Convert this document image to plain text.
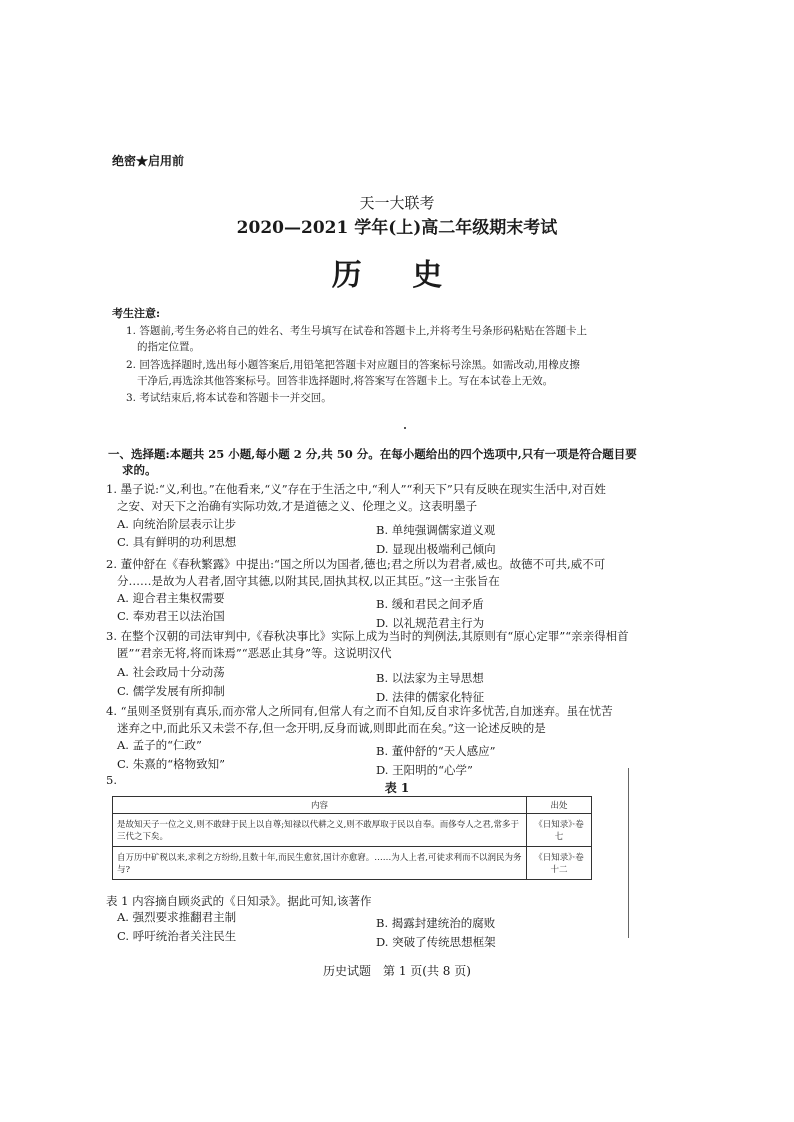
绝密★启用前
天一大联考
2020—2021 学年(上)高二年级期末考试
历 史
考生注意:
1. 答题前,考生务必将自己的姓名、考生号填写在试卷和答题卡上,并将考生号条形码粘贴在答题卡上
的指定位置。
2. 回答选择题时,选出每小题答案后,用铅笔把答题卡对应题目的答案标号涂黑。如需改动,用橡皮擦
干净后,再选涂其他答案标号。回答非选择题时,将答案写在答题卡上。写在本试卷上无效。
3. 考试结束后,将本试卷和答题卡一并交回。
一、选择题:本题共 25 小题,每小题 2 分,共 50 分。在每小题给出的四个选项中,只有一项是符合题目要
求的。
1. 墨子说:“义,利也。”在他看来,“义”存在于生活之中,“利人”“利天下”只有反映在现实生活中,对百姓
之安、对天下之治确有实际功效,才是道德之义、伦理之义。这表明墨子
A. 向统治阶层表示让步	B. 单纯强调儒家道义观
C. 具有鲜明的功利思想	D. 显现出极端利己倾向
2. 董仲舒在《春秋繁露》中提出:“国之所以为国者,德也;君之所以为君者,威也。故德不可共,威不可
分……是故为人君者,固守其德,以附其民,固执其权,以正其臣。”这一主张旨在
A. 迎合君主集权需要	B. 缓和君民之间矛盾
C. 奉劝君王以法治国	D. 以礼规范君主行为
3. 在整个汉朝的司法审判中,《春秋决事比》实际上成为当时的判例法,其原则有“原心定罪”“亲亲得相首
匿”“君亲无将,将而诛焉”“恶恶止其身”等。这说明汉代
A. 社会政局十分动荡	B. 以法家为主导思想
C. 儒学发展有所抑制	D. 法律的儒家化特征
4. “虽则圣贤别有真乐,而亦常人之所同有,但常人有之而不自知,反自求许多忧苦,自加迷弃。虽在忧苦
迷弃之中,而此乐又未尝不存,但一念开明,反身而诚,则即此而在矣。”这一论述反映的是
A. 孟子的“仁政”	B. 董仲舒的“天人感应”
C. 朱熹的“格物致知”	D. 王阳明的“心学”
5.
表 1
内容	出处
是故知天子一位之义,则不敢肆于民上以自尊;知禄以代耕之义,则不敢厚取于民以自奉。而侈夸人之君,常多于三代之下矣。	《日知录》·卷七
自万历中矿税以来,求利之方纷纷,且数十年,而民生愈贫,国计亦愈窘。……为人上者,可徒求利而不以润民为务与?	《日知录》·卷十二
表 1 内容摘自顾炎武的《日知录》。据此可知,该著作
A. 强烈要求推翻君主制	B. 揭露封建统治的腐败
C. 呼吁统治者关注民生	D. 突破了传统思想框架
历史试题　第 1 页(共 8 页)
